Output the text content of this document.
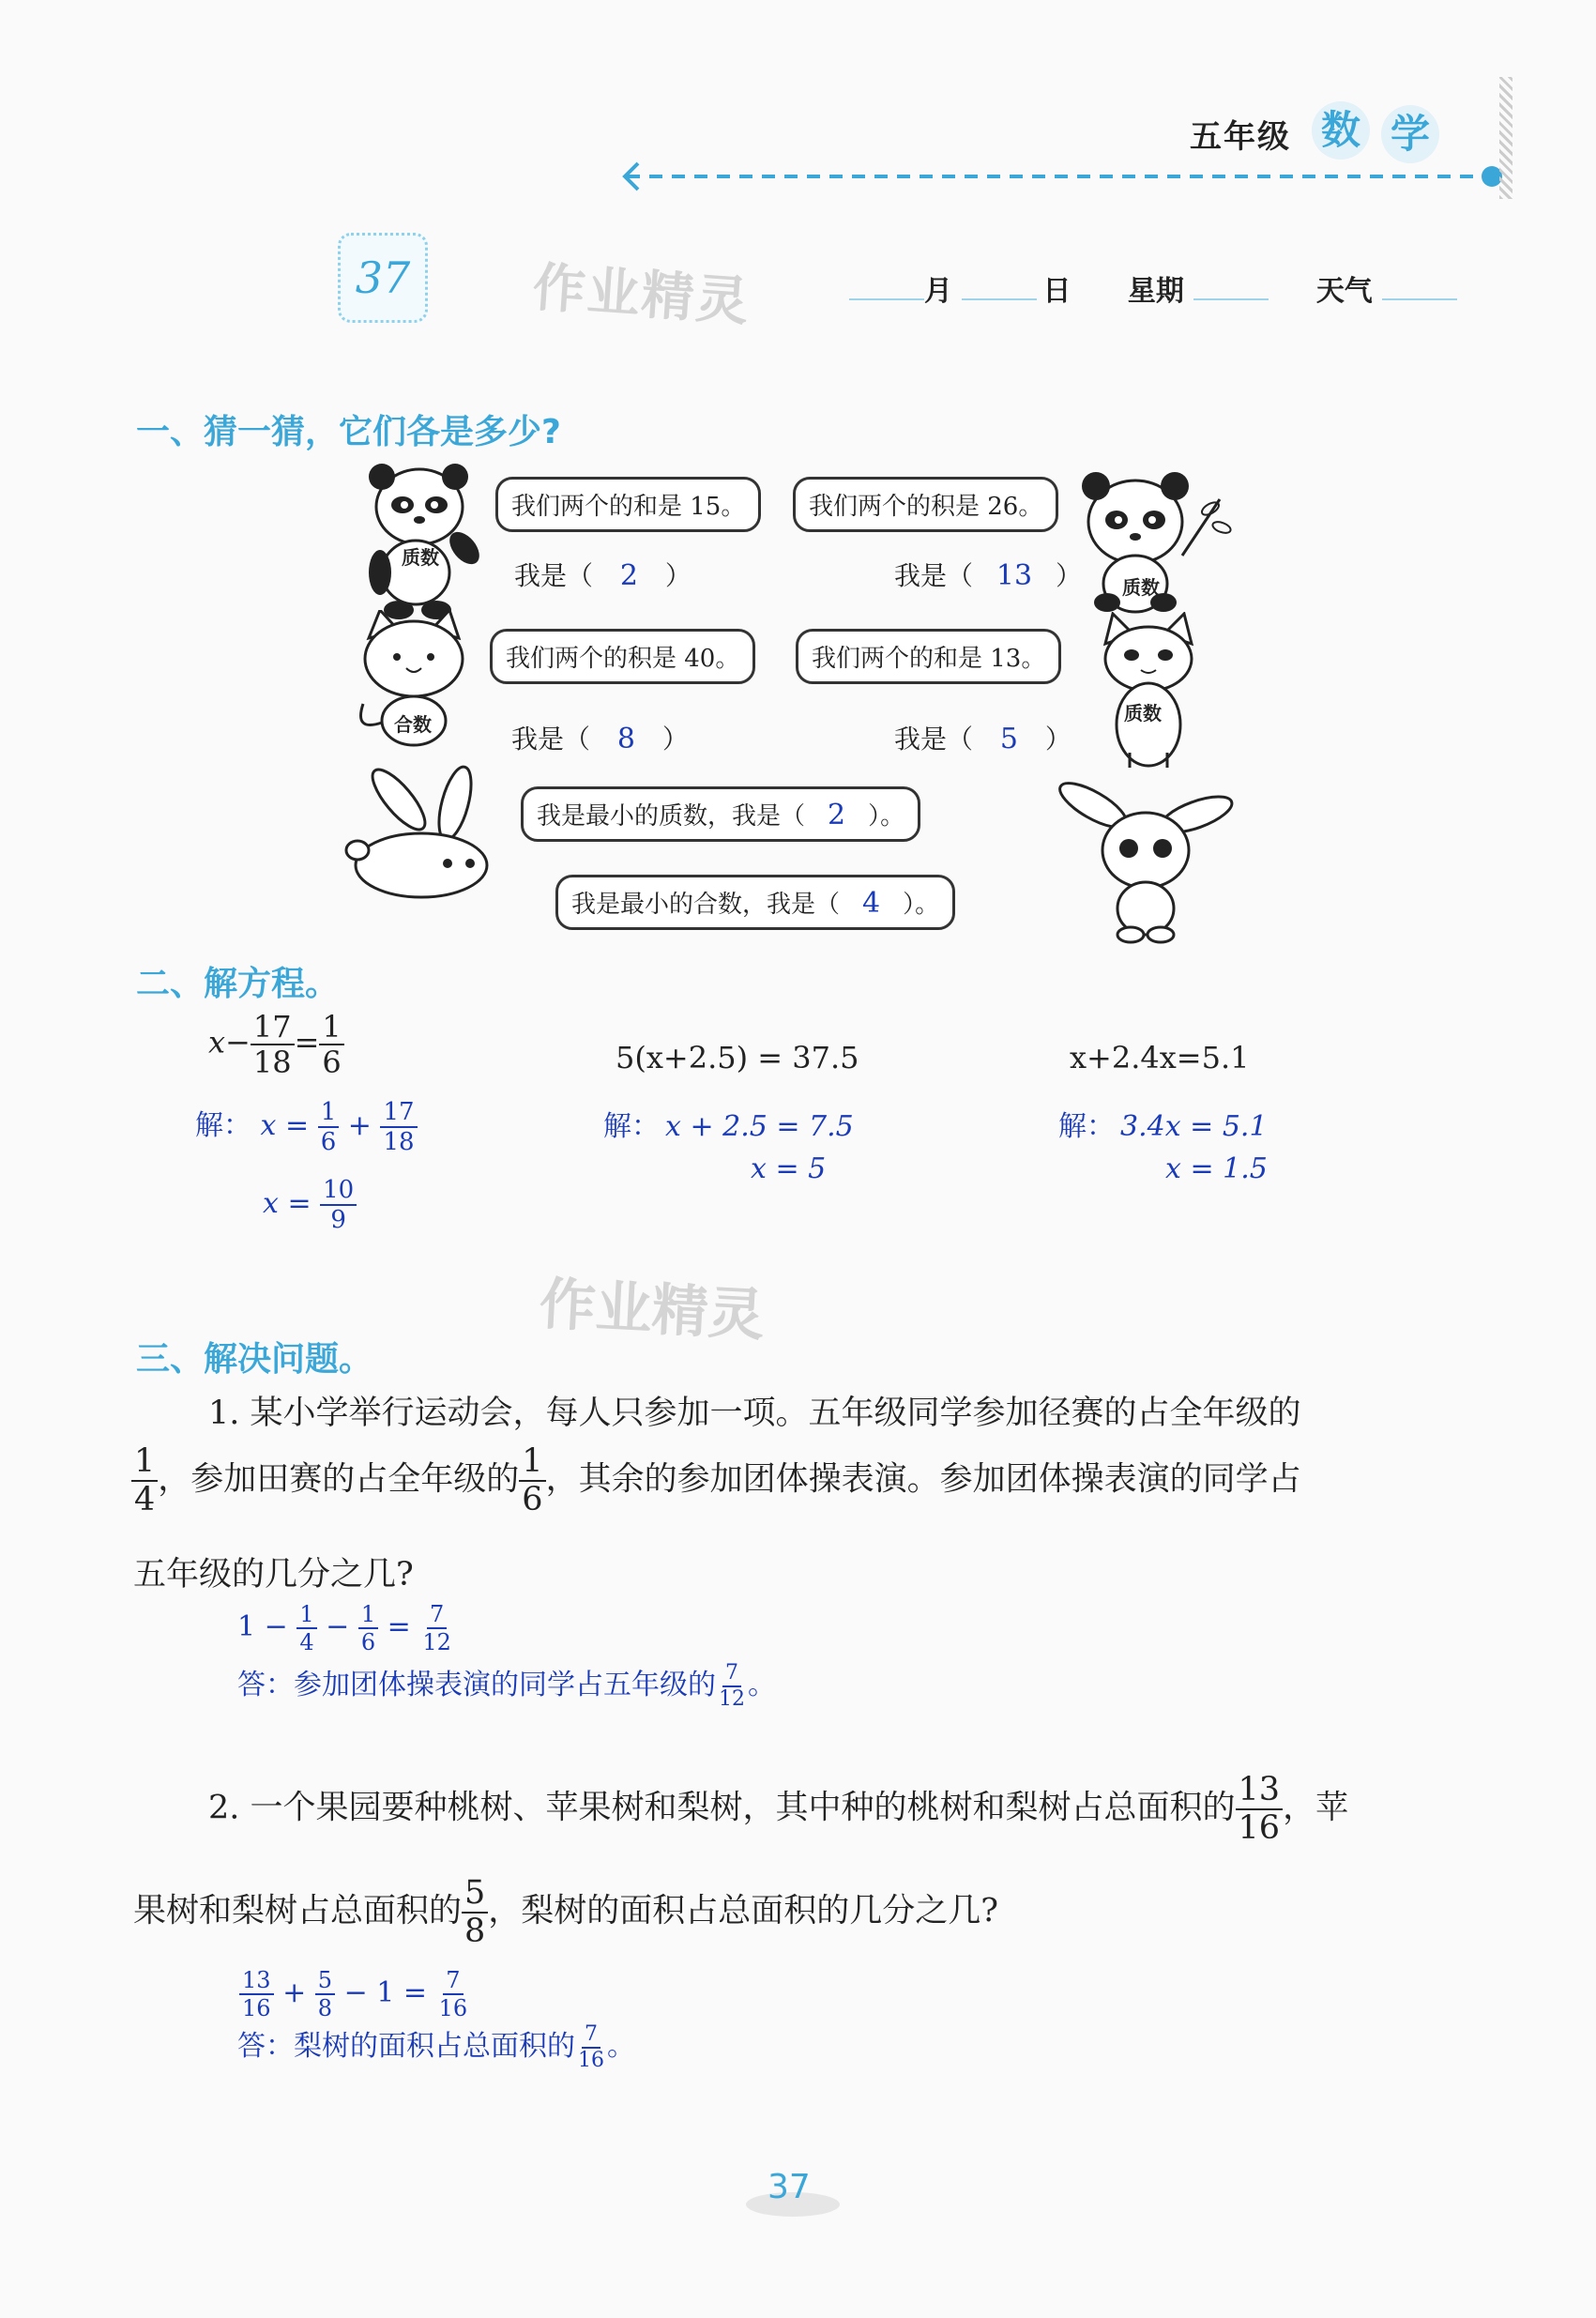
五年级 数 学
37	作业精灵	月	日 星期	天气
一、猜一猜，它们各是多少?
质数
我们两个的和是 15。	我们两个的积是 26。
质数
我是（ 2 ）	我是（ 13 ）
合数
我们两个的积是 40。	我们两个的和是 13。
质数
我是（ 8 ）	我是（ 5 ）
我是最小的质数，我是（ 2 ）。
我是最小的合数，我是（ 4 ）。
二、解方程。
$x- \frac{17}{18} = \frac{1}{6}$
解： $x = \frac{1}{6} + \frac{17}{18}$
$x = \frac{10}{9}$
5(x+2.5) = 37.5
解： x + 2.5 = 7.5
x = 5
x+2.4x=5.1
解： 3.4x = 5.1
x = 1.5
作业精灵
三、解决问题。
1. 某小学举行运动会，每人只参加一项。五年级同学参加径赛的占全年级的
$\frac{1}{4}$ ，参加田赛的占全年级的 $\frac{1}{6}$ ，其余的参加团体操表演。参加团体操表演的同学占
五年级的几分之几?
$1 - \frac{1}{4} - \frac{1}{6} = \frac{7}{12}$
答：参加团体操表演的同学占五年级的 $\frac{7}{12}$ 。
2. 一个果园要种桃树、苹果树和梨树，其中种的桃树和梨树占总面积的 $\frac{13}{16}$ ，苹
果树和梨树占总面积的 $\frac{5}{8}$ ，梨树的面积占总面积的几分之几?
$\frac{13}{16} + \frac{5}{8} - 1 = \frac{7}{16}$
答：梨树的面积占总面积的 $\frac{7}{16}$ 。
37
